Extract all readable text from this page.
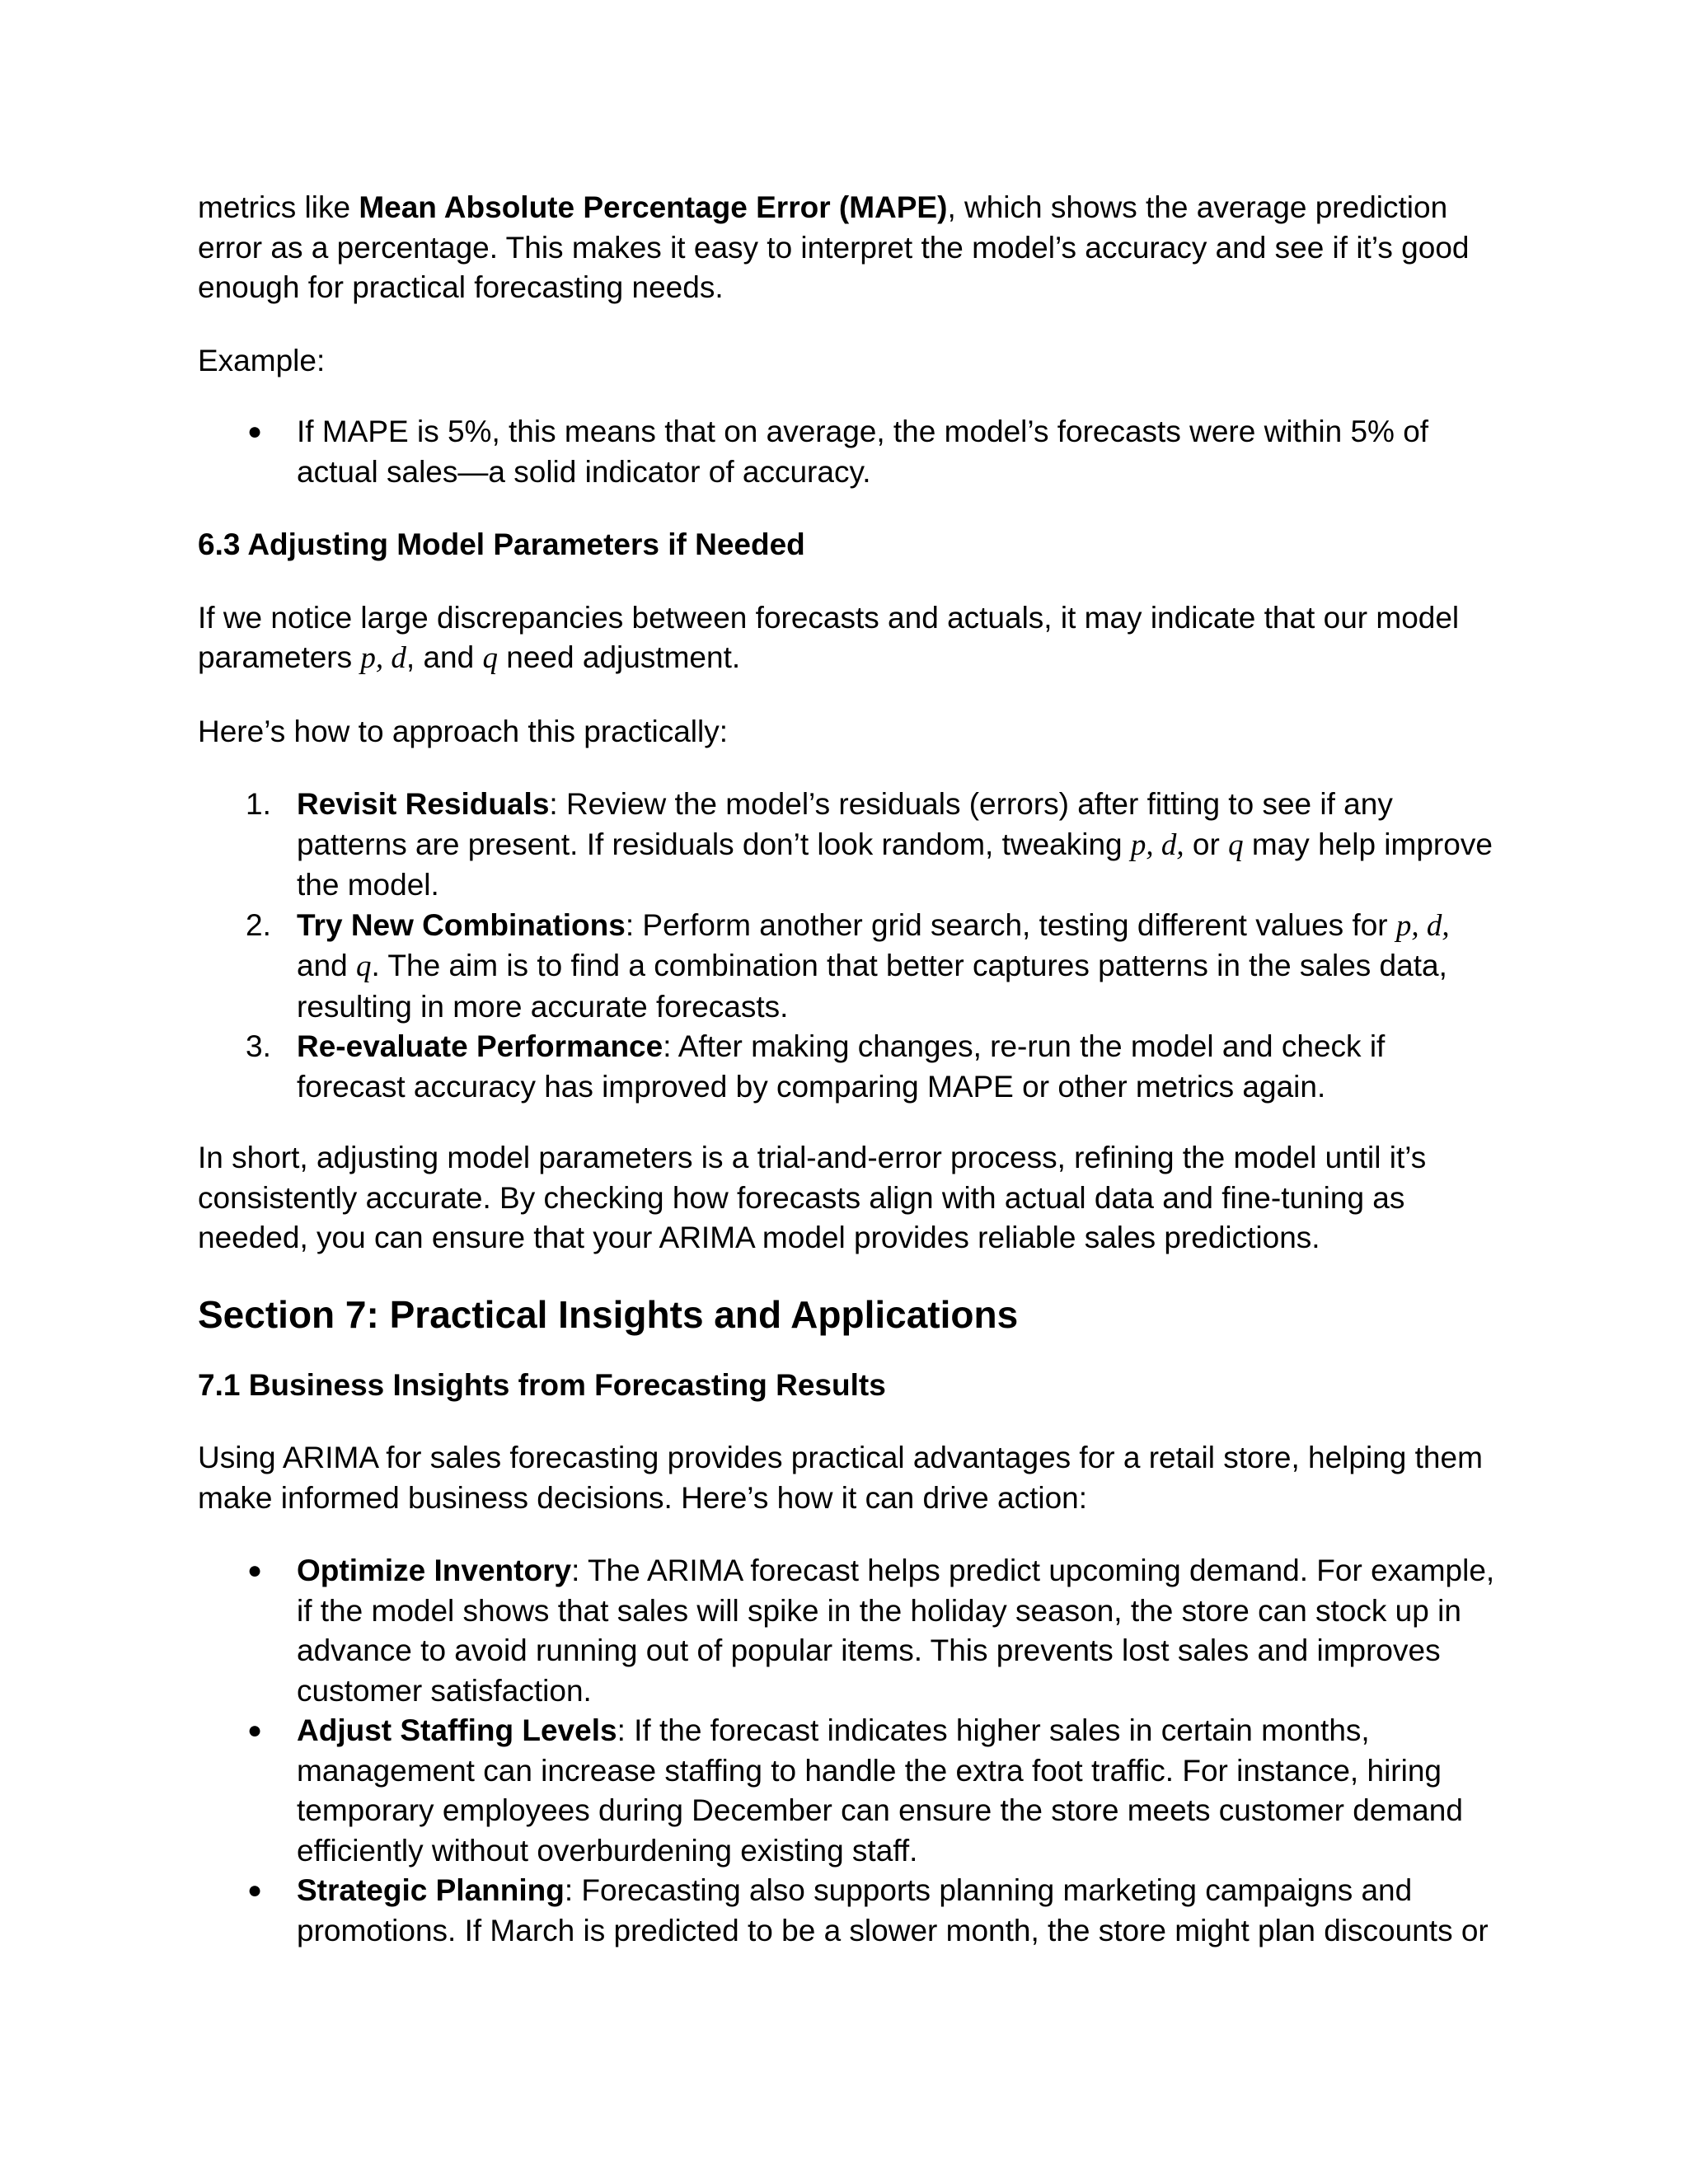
metrics like Mean Absolute Percentage Error (MAPE), which shows the average prediction error as a percentage. This makes it easy to interpret the model’s accuracy and see if it’s good enough for practical forecasting needs.

Example:

● If MAPE is 5%, this means that on average, the model’s forecasts were within 5% of actual sales—a solid indicator of accuracy.

6.3 Adjusting Model Parameters if Needed

If we notice large discrepancies between forecasts and actuals, it may indicate that our model parameters p, d, and q need adjustment.

Here’s how to approach this practically:

1. Revisit Residuals: Review the model’s residuals (errors) after fitting to see if any patterns are present. If residuals don’t look random, tweaking p, d, or q may help improve the model.
2. Try New Combinations: Perform another grid search, testing different values for p, d, and q. The aim is to find a combination that better captures patterns in the sales data, resulting in more accurate forecasts.
3. Re-evaluate Performance: After making changes, re-run the model and check if forecast accuracy has improved by comparing MAPE or other metrics again.

In short, adjusting model parameters is a trial-and-error process, refining the model until it’s consistently accurate. By checking how forecasts align with actual data and fine-tuning as needed, you can ensure that your ARIMA model provides reliable sales predictions.

Section 7: Practical Insights and Applications

7.1 Business Insights from Forecasting Results

Using ARIMA for sales forecasting provides practical advantages for a retail store, helping them make informed business decisions. Here’s how it can drive action:

● Optimize Inventory: The ARIMA forecast helps predict upcoming demand. For example, if the model shows that sales will spike in the holiday season, the store can stock up in advance to avoid running out of popular items. This prevents lost sales and improves customer satisfaction.
● Adjust Staffing Levels: If the forecast indicates higher sales in certain months, management can increase staffing to handle the extra foot traffic. For instance, hiring temporary employees during December can ensure the store meets customer demand efficiently without overburdening existing staff.
● Strategic Planning: Forecasting also supports planning marketing campaigns and promotions. If March is predicted to be a slower month, the store might plan discounts or
